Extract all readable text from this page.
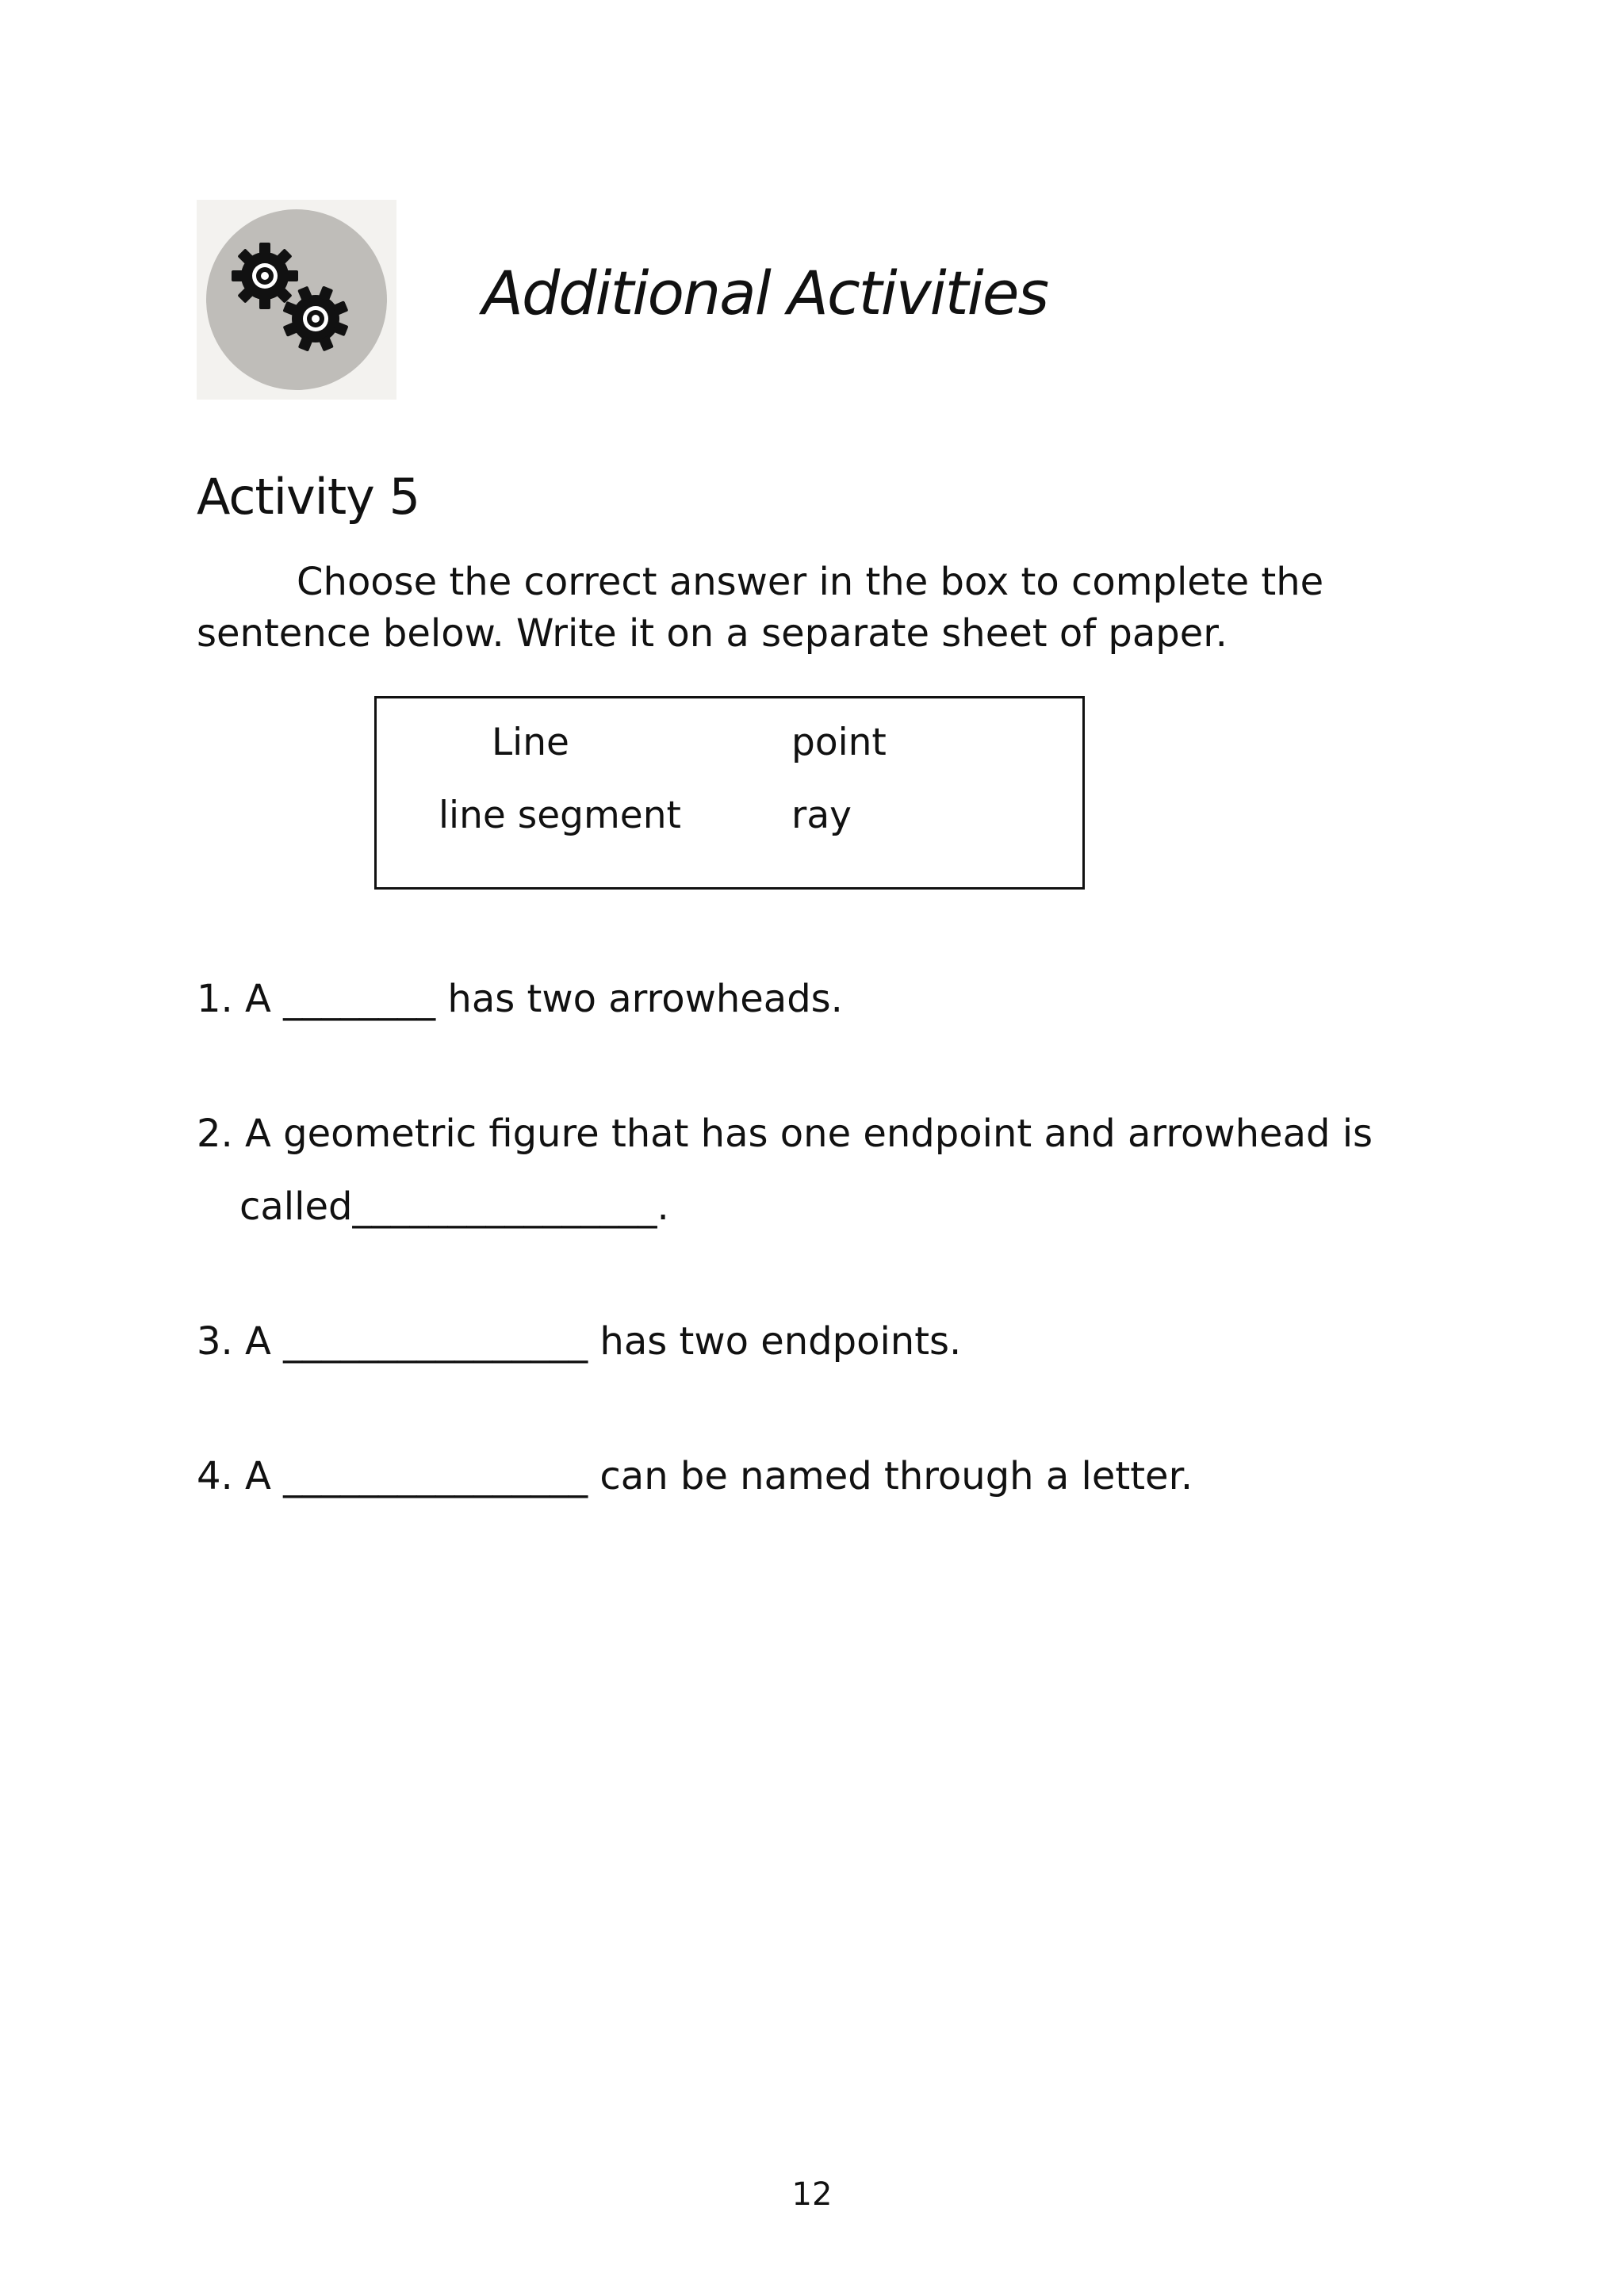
Additional Activities
Activity 5
Choose the correct answer in the box to complete the
sentence below. Write it on a separate sheet of paper.
Line	point
line segment	ray
1. A ________ has two arrowheads.
2. A geometric figure that has one endpoint and arrowhead is
called________________.
3. A ________________ has two endpoints.
4. A ________________ can be named through a letter.
12
